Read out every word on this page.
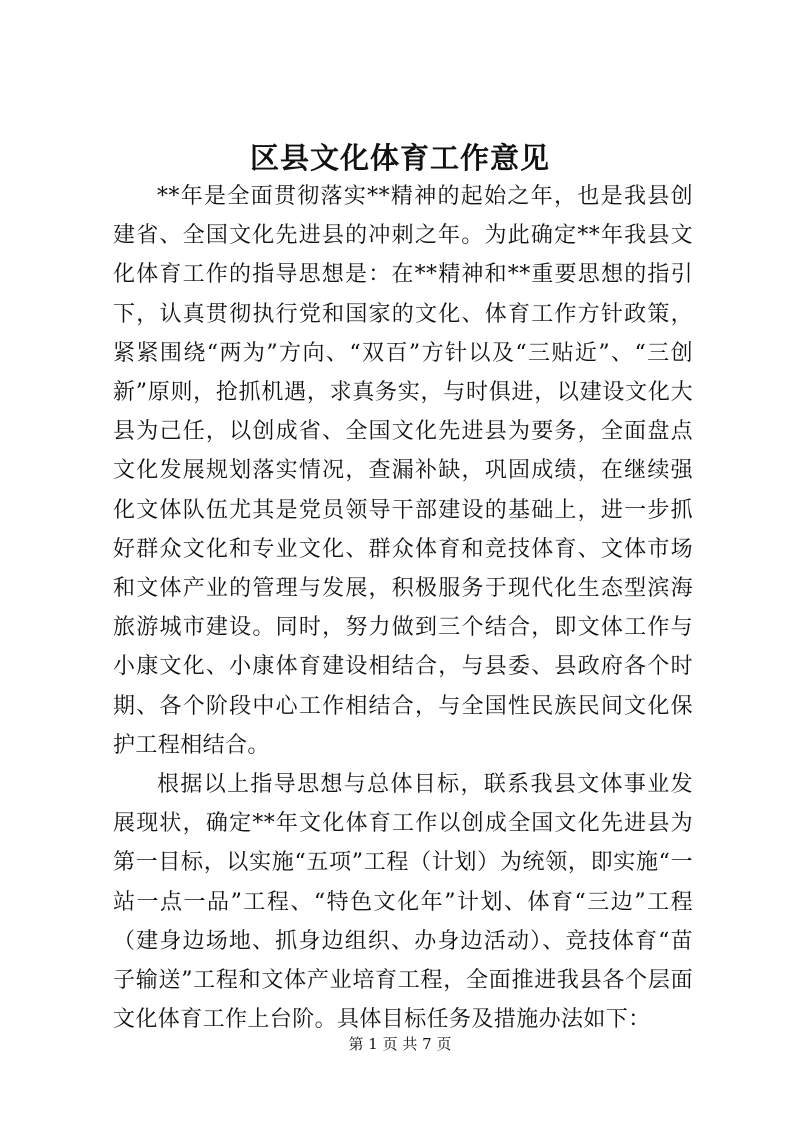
区县文化体育工作意见

**年是全面贯彻落实**精神的起始之年，也是我县创建省、全国文化先进县的冲刺之年。为此确定**年我县文化体育工作的指导思想是：在**精神和**重要思想的指引下，认真贯彻执行党和国家的文化、体育工作方针政策，紧紧围绕“两为”方向、“双百”方针以及“三贴近”、“三创新”原则，抢抓机遇，求真务实，与时俱进，以建设文化大县为己任，以创成省、全国文化先进县为要务，全面盘点文化发展规划落实情况，查漏补缺，巩固成绩，在继续强化文体队伍尤其是党员领导干部建设的基础上，进一步抓好群众文化和专业文化、群众体育和竞技体育、文体市场和文体产业的管理与发展，积极服务于现代化生态型滨海旅游城市建设。同时，努力做到三个结合，即文体工作与小康文化、小康体育建设相结合，与县委、县政府各个时期、各个阶段中心工作相结合，与全国性民族民间文化保护工程相结合。

根据以上指导思想与总体目标，联系我县文体事业发展现状，确定**年文化体育工作以创成全国文化先进县为第一目标，以实施“五项”工程（计划）为统领，即实施“一站一点一品”工程、“特色文化年”计划、体育“三边”工程（建身边场地、抓身边组织、办身边活动）、竞技体育“苗子输送”工程和文体产业培育工程，全面推进我县各个层面文化体育工作上台阶。具体目标任务及措施办法如下：

第 1 页 共 7 页
